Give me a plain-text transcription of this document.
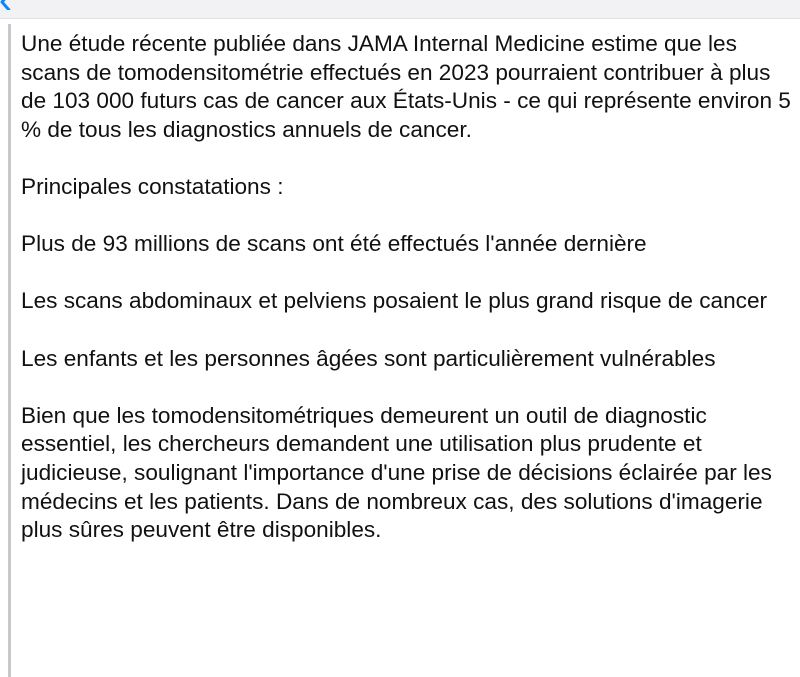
Une étude récente publiée dans JAMA Internal Medicine estime que les scans de tomodensitométrie effectués en 2023 pourraient contribuer à plus de 103 000 futurs cas de cancer aux États-Unis - ce qui représente environ 5 % de tous les diagnostics annuels de cancer.

Principales constatations :

Plus de 93 millions de scans ont été effectués l'année dernière

Les scans abdominaux et pelviens posaient le plus grand risque de cancer

Les enfants et les personnes âgées sont particulièrement vulnérables

Bien que les tomodensitométriques demeurent un outil de diagnostic essentiel, les chercheurs demandent une utilisation plus prudente et judicieuse, soulignant l'importance d'une prise de décisions éclairée par les médecins et les patients. Dans de nombreux cas, des solutions d'imagerie plus sûres peuvent être disponibles.
